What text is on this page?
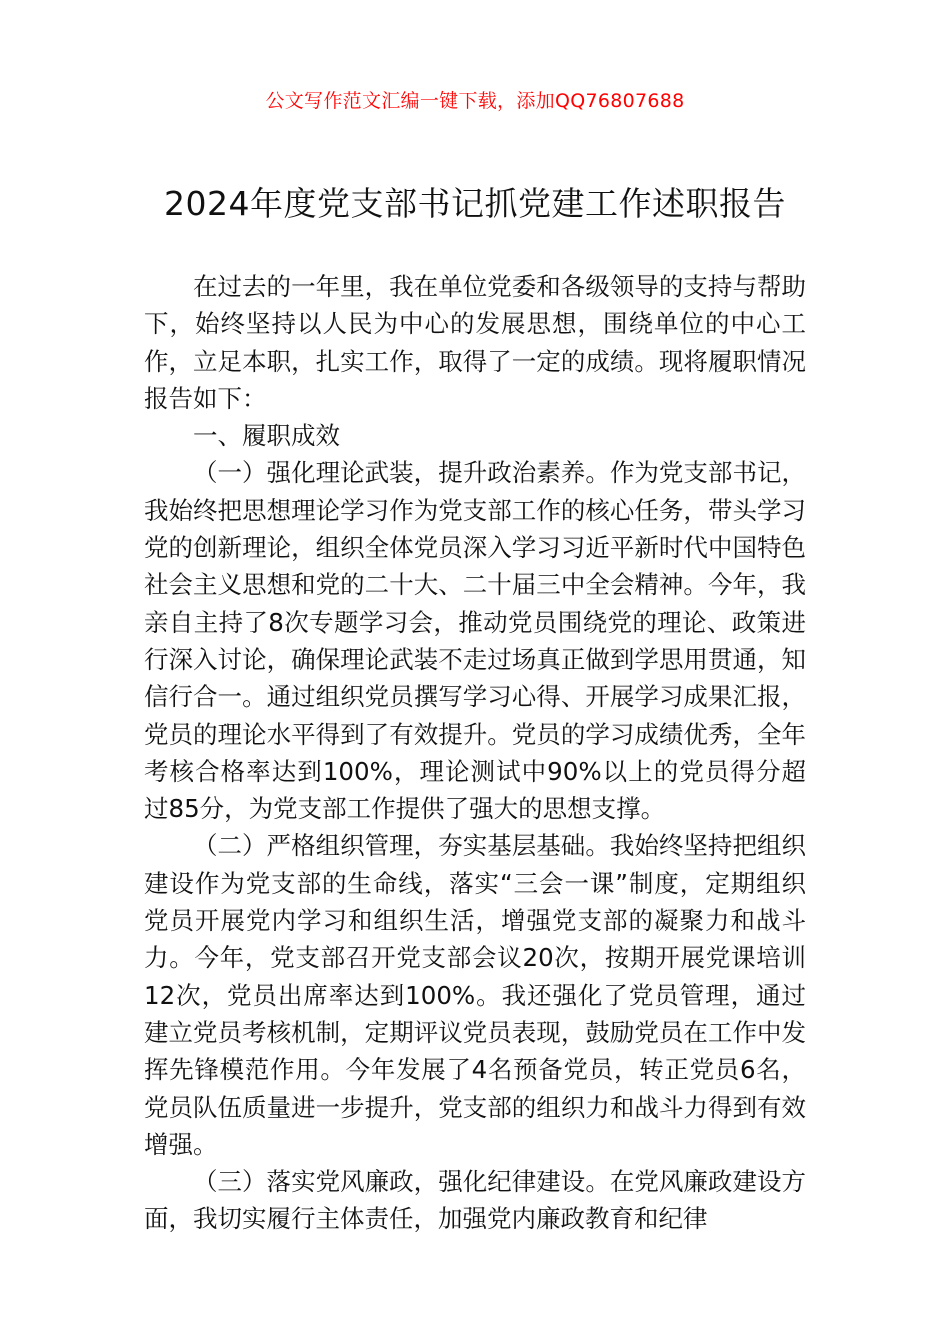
公文写作范文汇编一键下载，添加QQ76807688
2024年度党支部书记抓党建工作述职报告

在过去的一年里，我在单位党委和各级领导的支持与帮助下，始终坚持以人民为中心的发展思想，围绕单位的中心工作，立足本职，扎实工作，取得了一定的成绩。现将履职情况报告如下：

一、履职成效

（一）强化理论武装，提升政治素养。作为党支部书记，我始终把思想理论学习作为党支部工作的核心任务，带头学习党的创新理论，组织全体党员深入学习习近平新时代中国特色社会主义思想和党的二十大、二十届三中全会精神。今年，我亲自主持了8次专题学习会，推动党员围绕党的理论、政策进行深入讨论，确保理论武装不走过场真正做到学思用贯通，知信行合一。通过组织党员撰写学习心得、开展学习成果汇报，党员的理论水平得到了有效提升。党员的学习成绩优秀，全年考核合格率达到100%，理论测试中90%以上的党员得分超过85分，为党支部工作提供了强大的思想支撑。

（二）严格组织管理，夯实基层基础。我始终坚持把组织建设作为党支部的生命线，落实“三会一课”制度，定期组织党员开展党内学习和组织生活，增强党支部的凝聚力和战斗力。今年，党支部召开党支部会议20次，按期开展党课培训12次，党员出席率达到100%。我还强化了党员管理，通过建立党员考核机制，定期评议党员表现，鼓励党员在工作中发挥先锋模范作用。今年发展了4名预备党员，转正党员6名，党员队伍质量进一步提升，党支部的组织力和战斗力得到有效增强。

（三）落实党风廉政，强化纪律建设。在党风廉政建设方面，我切实履行主体责任，加强党内廉政教育和纪律
